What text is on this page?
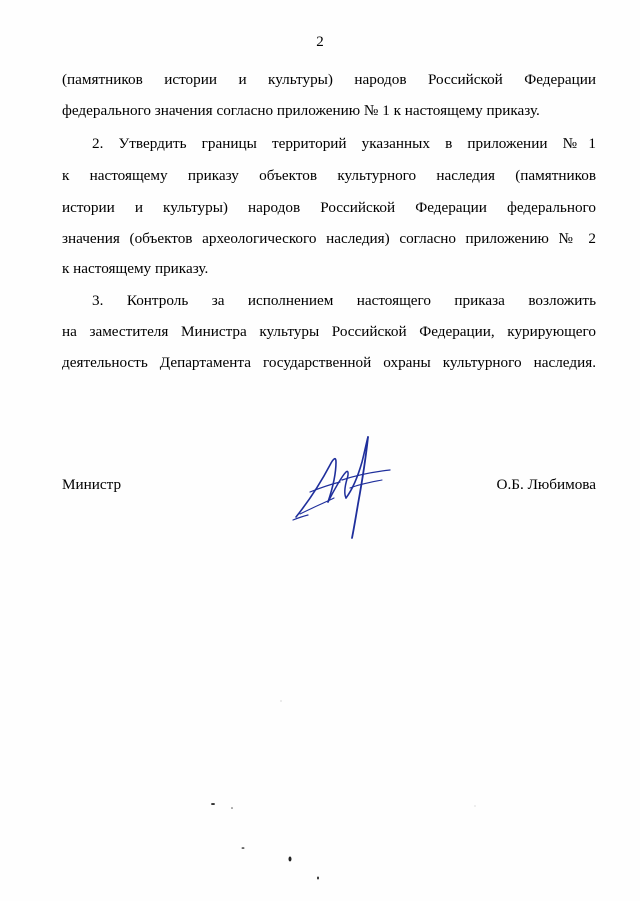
2
(памятников истории и культуры) народов Российской Федерации
федерального значения согласно приложению № 1 к настоящему приказу.
2. Утвердить границы территорий указанных в приложении №1
к настоящему приказу объектов культурного наследия (памятников
истории и культуры) народов Российской Федерации федерального
значения (объектов археологического наследия) согласно приложению № 2
к настоящему приказу.
3. Контроль за исполнением настоящего приказа возложить
на заместителя Министра культуры Российской Федерации, курирующего
деятельность Департамента государственной охраны культурного наследия.
Министр	О.Б. Любимова
